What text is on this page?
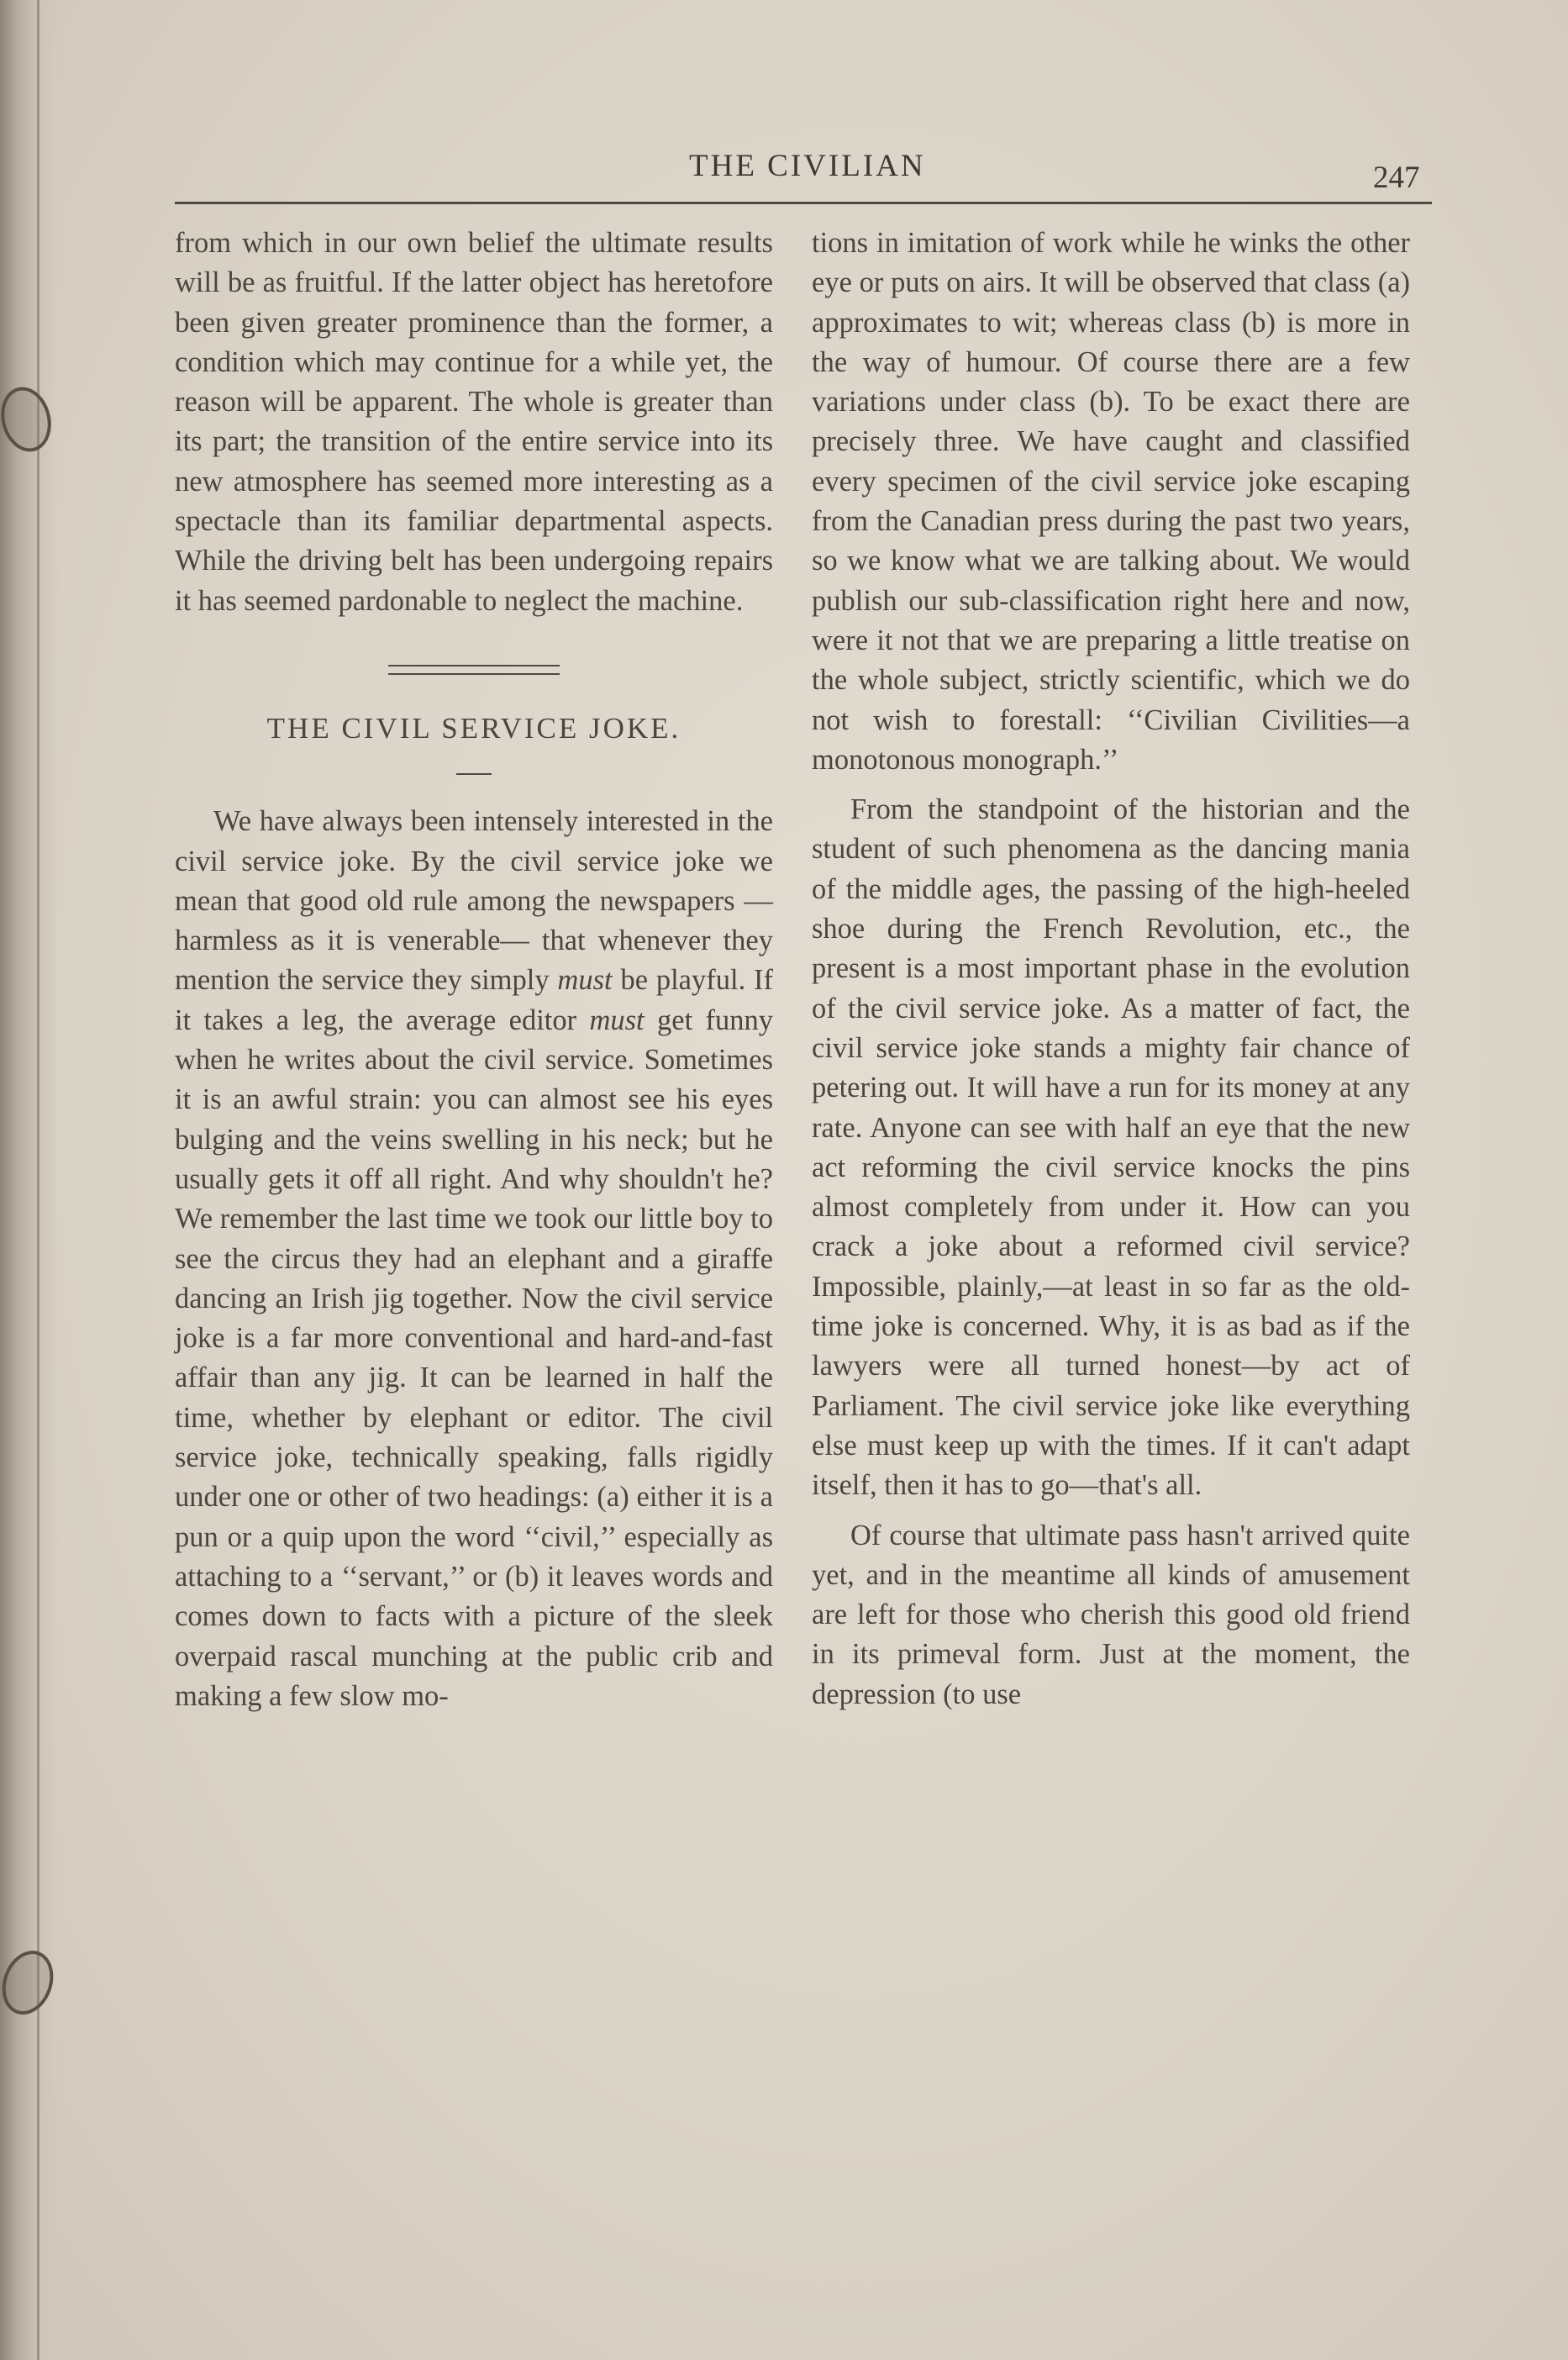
THE CIVILIAN	247

from which in our own belief the ultimate results will be as fruitful. If the latter object has heretofore been given greater prominence than the former, a condition which may continue for a while yet, the reason will be apparent. The whole is greater than its part; the transition of the entire service into its new atmosphere has seemed more interesting as a spectacle than its familiar departmental aspects. While the driving belt has been undergoing repairs it has seemed pardonable to neglect the machine.

THE CIVIL SERVICE JOKE.

We have always been intensely interested in the civil service joke. By the civil service joke we mean that good old rule among the newspapers — harmless as it is venerable— that whenever they mention the service they simply must be playful. If it takes a leg, the average editor must get funny when he writes about the civil service. Sometimes it is an awful strain: you can almost see his eyes bulging and the veins swelling in his neck; but he usually gets it off all right. And why shouldn't he? We remember the last time we took our little boy to see the circus they had an elephant and a giraffe dancing an Irish jig together. Now the civil service joke is a far more conventional and hard-and-fast affair than any jig. It can be learned in half the time, whether by elephant or editor. The civil service joke, technically speaking, falls rigidly under one or other of two headings: (a) either it is a pun or a quip upon the word ‘‘civil,’’ especially as attaching to a ‘‘servant,’’ or (b) it leaves words and comes down to facts with a picture of the sleek overpaid rascal munching at the public crib and making a few slow mo-

tions in imitation of work while he winks the other eye or puts on airs. It will be observed that class (a) approximates to wit; whereas class (b) is more in the way of humour. Of course there are a few variations under class (b). To be exact there are precisely three. We have caught and classified every specimen of the civil service joke escaping from the Canadian press during the past two years, so we know what we are talking about. We would publish our sub-classification right here and now, were it not that we are preparing a little treatise on the whole subject, strictly scientific, which we do not wish to forestall: ‘‘Civilian Civilities—a monotonous monograph.’’

From the standpoint of the historian and the student of such phenomena as the dancing mania of the middle ages, the passing of the high-heeled shoe during the French Revolution, etc., the present is a most important phase in the evolution of the civil service joke. As a matter of fact, the civil service joke stands a mighty fair chance of petering out. It will have a run for its money at any rate. Anyone can see with half an eye that the new act reforming the civil service knocks the pins almost completely from under it. How can you crack a joke about a reformed civil service? Impossible, plainly,—at least in so far as the old-time joke is concerned. Why, it is as bad as if the lawyers were all turned honest—by act of Parliament. The civil service joke like everything else must keep up with the times. If it can't adapt itself, then it has to go—that's all.

Of course that ultimate pass hasn't arrived quite yet, and in the meantime all kinds of amusement are left for those who cherish this good old friend in its primeval form. Just at the moment, the depression (to use
